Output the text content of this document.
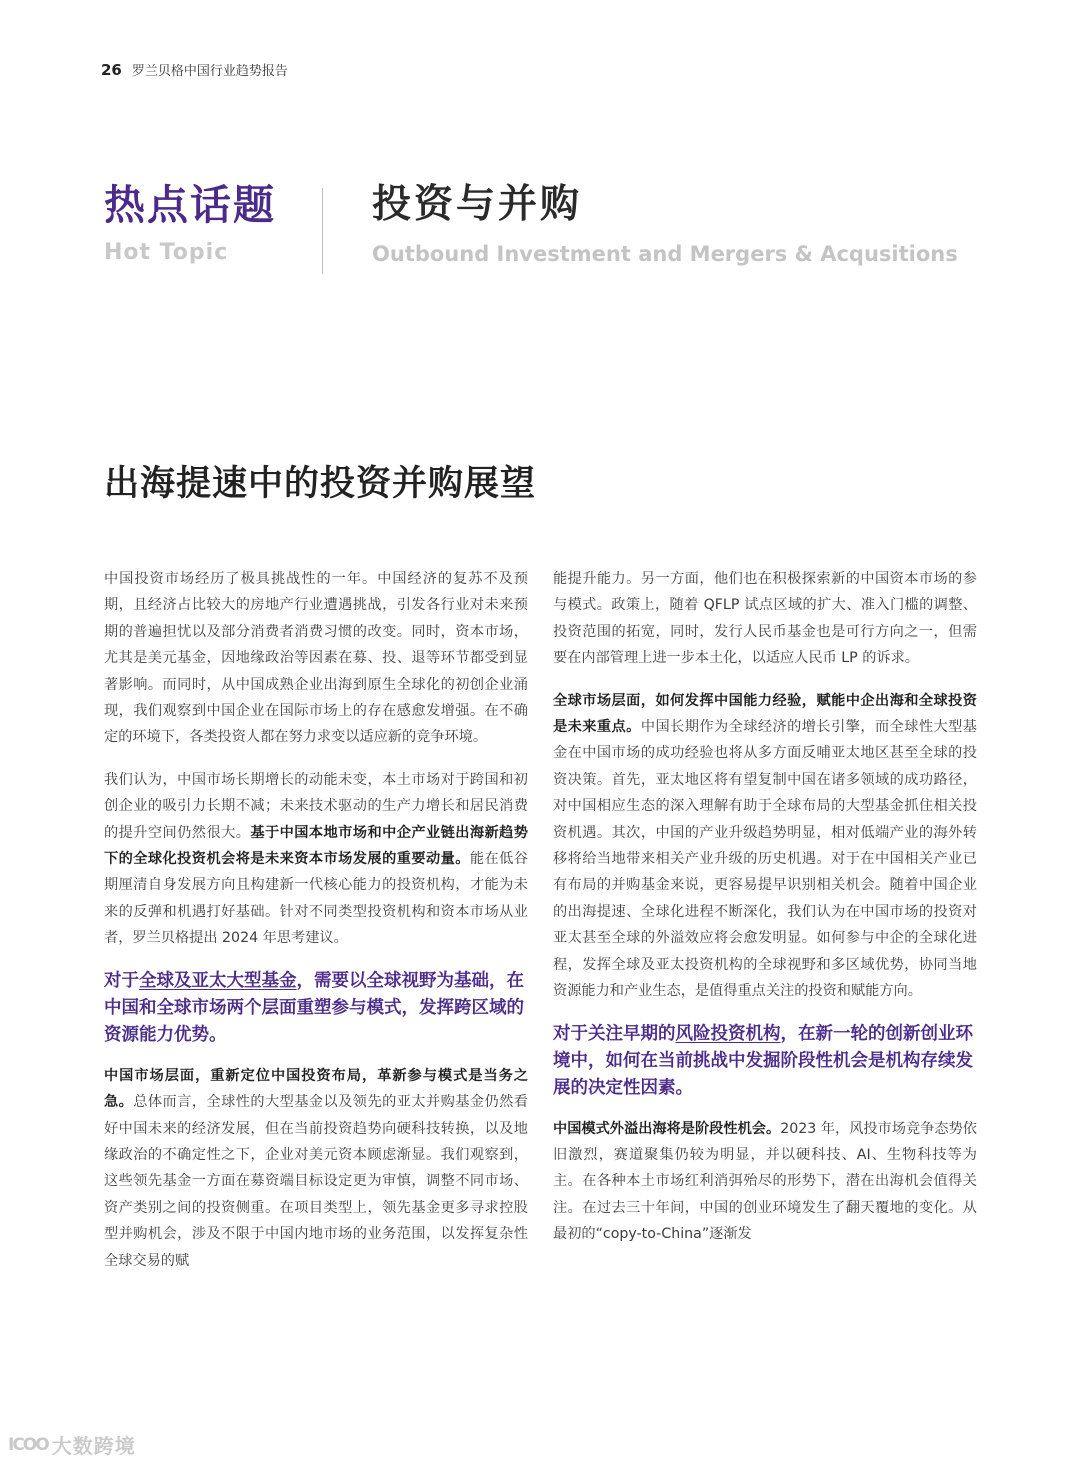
26 罗兰贝格中国行业趋势报告
热点话题
Hot Topic
投资与并购
Outbound Investment and Mergers & Acqusitions
出海提速中的投资并购展望

中国投资市场经历了极具挑战性的一年。中国经济的复苏不及预期，且经济占比较大的房地产行业遭遇挑战，引发各行业对未来预期的普遍担忧以及部分消费者消费习惯的改变。同时，资本市场，尤其是美元基金，因地缘政治等因素在募、投、退等环节都受到显著影响。而同时，从中国成熟企业出海到原生全球化的初创企业涌现，我们观察到中国企业在国际市场上的存在感愈发增强。在不确定的环境下，各类投资人都在努力求变以适应新的竞争环境。

我们认为，中国市场长期增长的动能未变，本土市场对于跨国和初创企业的吸引力长期不减；未来技术驱动的生产力增长和居民消费的提升空间仍然很大。基于中国本地市场和中企产业链出海新趋势下的全球化投资机会将是未来资本市场发展的重要动量。能在低谷期厘清自身发展方向且构建新一代核心能力的投资机构，才能为未来的反弹和机遇打好基础。针对不同类型投资机构和资本市场从业者，罗兰贝格提出 2024 年思考建议。

对于全球及亚太大型基金，需要以全球视野为基础，在中国和全球市场两个层面重塑参与模式，发挥跨区域的资源能力优势。

中国市场层面，重新定位中国投资布局，革新参与模式是当务之急。总体而言，全球性的大型基金以及领先的亚太并购基金仍然看好中国未来的经济发展，但在当前投资趋势向硬科技转换，以及地缘政治的不确定性之下，企业对美元资本顾虑渐显。我们观察到，这些领先基金一方面在募资端目标设定更为审慎，调整不同市场、资产类别之间的投资侧重。在项目类型上，领先基金更多寻求控股型并购机会，涉及不限于中国内地市场的业务范围，以发挥复杂性全球交易的赋

能提升能力。另一方面，他们也在积极探索新的中国资本市场的参与模式。政策上，随着 QFLP 试点区域的扩大、准入门槛的调整、投资范围的拓宽，同时，发行人民币基金也是可行方向之一，但需要在内部管理上进一步本土化，以适应人民币 LP 的诉求。

全球市场层面，如何发挥中国能力经验，赋能中企出海和全球投资是未来重点。中国长期作为全球经济的增长引擎，而全球性大型基金在中国市场的成功经验也将从多方面反哺亚太地区甚至全球的投资决策。首先，亚太地区将有望复制中国在诸多领域的成功路径，对中国相应生态的深入理解有助于全球布局的大型基金抓住相关投资机遇。其次，中国的产业升级趋势明显，相对低端产业的海外转移将给当地带来相关产业升级的历史机遇。对于在中国相关产业已有布局的并购基金来说，更容易提早识别相关机会。随着中国企业的出海提速、全球化进程不断深化，我们认为在中国市场的投资对亚太甚至全球的外溢效应将会愈发明显。如何参与中企的全球化进程，发挥全球及亚太投资机构的全球视野和多区域优势，协同当地资源能力和产业生态，是值得重点关注的投资和赋能方向。

对于关注早期的风险投资机构，在新一轮的创新创业环境中，如何在当前挑战中发掘阶段性机会是机构存续发展的决定性因素。

中国模式外溢出海将是阶段性机会。2023 年，风投市场竞争态势依旧激烈，赛道聚集仍较为明显，并以硬科技、AI、生物科技等为主。在各种本土市场红利消弭殆尽的形势下，潜在出海机会值得关注。在过去三十年间，中国的创业环境发生了翻天覆地的变化。从最初的“copy-to-China”逐渐发

ICOO 大数跨境
